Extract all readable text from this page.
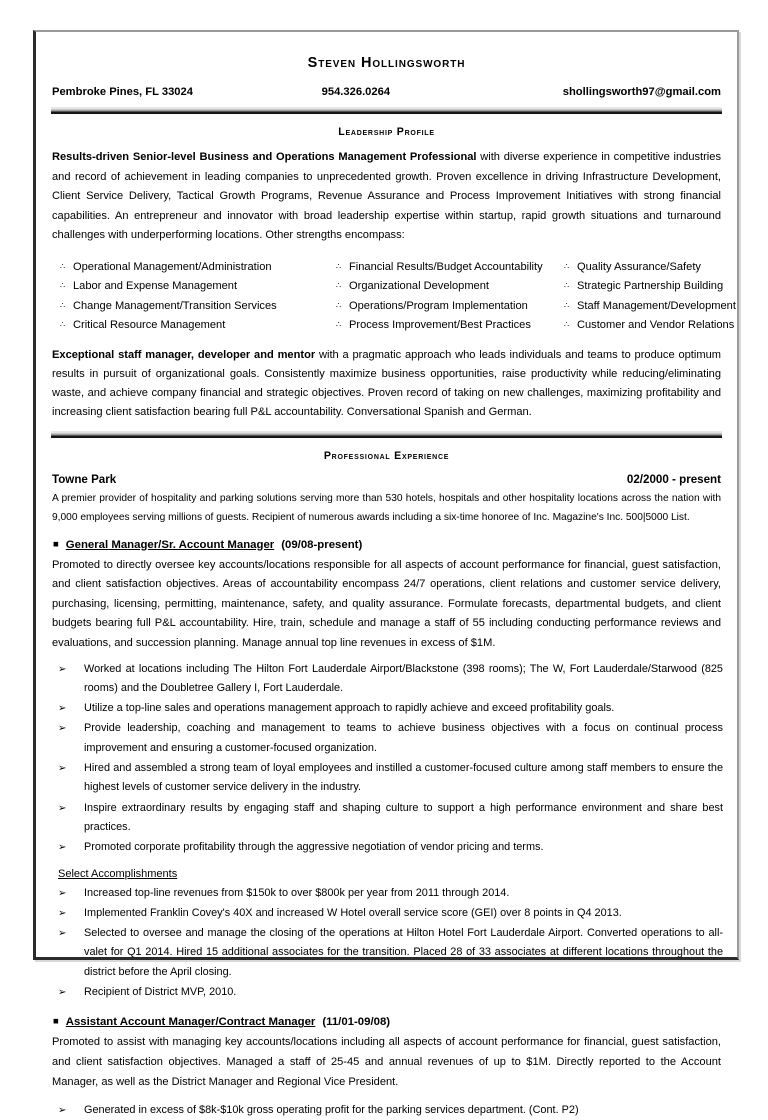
Steven Hollingsworth
Pembroke Pines, FL 33024	954.326.0264	shollingsworth97@gmail.com
Leadership Profile
Results-driven Senior-level Business and Operations Management Professional with diverse experience in competitive industries and record of achievement in leading companies to unprecedented growth. Proven excellence in driving Infrastructure Development, Client Service Delivery, Tactical Growth Programs, Revenue Assurance and Process Improvement Initiatives with strong financial capabilities. An entrepreneur and innovator with broad leadership expertise within startup, rapid growth situations and turnaround challenges with underperforming locations. Other strengths encompass:
∴ Operational Management/Administration	∴ Financial Results/Budget Accountability	∴ Quality Assurance/Safety
∴ Labor and Expense Management	∴ Organizational Development	∴ Strategic Partnership Building
∴ Change Management/Transition Services	∴ Operations/Program Implementation	∴ Staff Management/Development
∴ Critical Resource Management	∴ Process Improvement/Best Practices	∴ Customer and Vendor Relations
Exceptional staff manager, developer and mentor with a pragmatic approach who leads individuals and teams to produce optimum results in pursuit of organizational goals. Consistently maximize business opportunities, raise productivity while reducing/eliminating waste, and achieve company financial and strategic objectives. Proven record of taking on new challenges, maximizing profitability and increasing client satisfaction bearing full P&L accountability. Conversational Spanish and German.
Professional Experience
Towne Park	02/2000 - present
A premier provider of hospitality and parking solutions serving more than 530 hotels, hospitals and other hospitality locations across the nation with 9,000 employees serving millions of guests. Recipient of numerous awards including a six-time honoree of Inc. Magazine's Inc. 500|5000 List.
■ General Manager/Sr. Account Manager (09/08-present)
Promoted to directly oversee key accounts/locations responsible for all aspects of account performance for financial, guest satisfaction, and client satisfaction objectives. Areas of accountability encompass 24/7 operations, client relations and customer service delivery, purchasing, licensing, permitting, maintenance, safety, and quality assurance. Formulate forecasts, departmental budgets, and client budgets bearing full P&L accountability. Hire, train, schedule and manage a staff of 55 including conducting performance reviews and evaluations, and succession planning. Manage annual top line revenues in excess of $1M.
➢	Worked at locations including The Hilton Fort Lauderdale Airport/Blackstone (398 rooms); The W, Fort Lauderdale/Starwood (825 rooms) and the Doubletree Gallery I, Fort Lauderdale.
➢	Utilize a top-line sales and operations management approach to rapidly achieve and exceed profitability goals.
➢	Provide leadership, coaching and management to teams to achieve business objectives with a focus on continual process improvement and ensuring a customer-focused organization.
➢	Hired and assembled a strong team of loyal employees and instilled a customer-focused culture among staff members to ensure the highest levels of customer service delivery in the industry.
➢	Inspire extraordinary results by engaging staff and shaping culture to support a high performance environment and share best practices.
➢	Promoted corporate profitability through the aggressive negotiation of vendor pricing and terms.
Select Accomplishments
➢	Increased top-line revenues from $150k to over $800k per year from 2011 through 2014.
➢	Implemented Franklin Covey's 40X and increased W Hotel overall service score (GEI) over 8 points in Q4 2013.
➢	Selected to oversee and manage the closing of the operations at Hilton Hotel Fort Lauderdale Airport. Converted operations to all-valet for Q1 2014. Hired 15 additional associates for the transition. Placed 28 of 33 associates at different locations throughout the district before the April closing.
➢	Recipient of District MVP, 2010.
■ Assistant Account Manager/Contract Manager (11/01-09/08)
Promoted to assist with managing key accounts/locations including all aspects of account performance for financial, guest satisfaction, and client satisfaction objectives. Managed a staff of 25-45 and annual revenues of up to $1M. Directly reported to the Account Manager, as well as the District Manager and Regional Vice President.
➢	Generated in excess of $8k-$10k gross operating profit for the parking services department. (Cont. P2)
